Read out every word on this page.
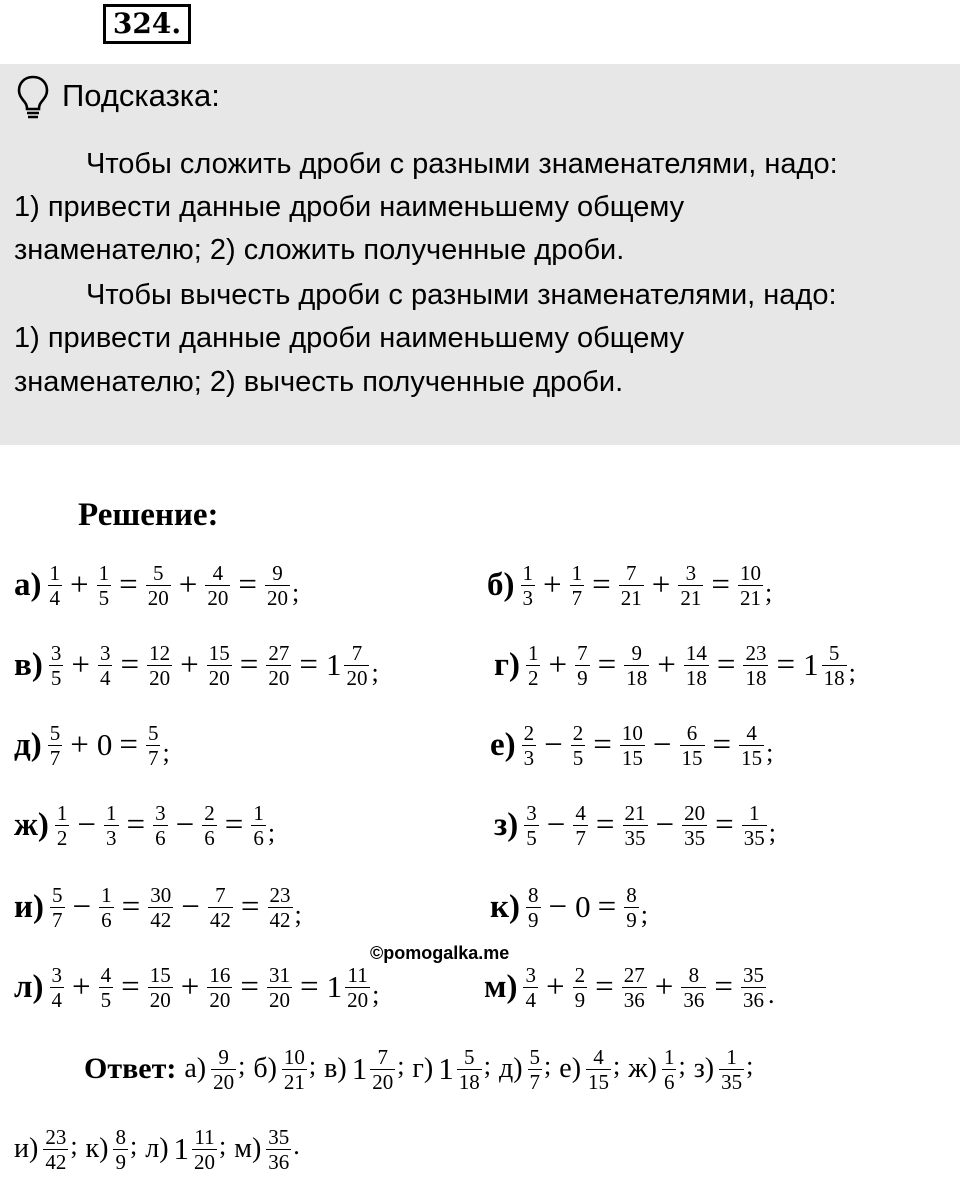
324.
Подсказка:
Чтобы сложить дроби с разными знаменателями, надо:
1) привести данные дроби наименьшему общему
знаменателю; 2) сложить полученные дроби.
Чтобы вычесть дроби с разными знаменателями, надо:
1) привести данные дроби наименьшему общему
знаменателю; 2) вычесть полученные дроби.
Решение:
$а) \frac{1}{4} + \frac{1}{5} = \frac{5}{20} + \frac{4}{20} = \frac{9}{20}$ ;	$б) \frac{1}{3} + \frac{1}{7} = \frac{7}{21} + \frac{3}{21} = \frac{10}{21}$ ;
$в) \frac{3}{5} + \frac{3}{4} = \frac{12}{20} + \frac{15}{20} = \frac{27}{20} = 1 \frac{7}{20}$ ;	$г) \frac{1}{2} + \frac{7}{9} = \frac{9}{18} + \frac{14}{18} = \frac{23}{18} = 1 \frac{5}{18}$ ;
$д) \frac{5}{7} + 0 = \frac{5}{7}$ ;	$е) \frac{2}{3} - \frac{2}{5} = \frac{10}{15} - \frac{6}{15} = \frac{4}{15}$ ;
$ж) \frac{1}{2} - \frac{1}{3} = \frac{3}{6} - \frac{2}{6} = \frac{1}{6}$ ;	$з) \frac{3}{5} - \frac{4}{7} = \frac{21}{35} - \frac{20}{35} = \frac{1}{35}$ ;
$и) \frac{5}{7} - \frac{1}{6} = \frac{30}{42} - \frac{7}{42} = \frac{23}{42}$ ;	$к) \frac{8}{9} - 0 = \frac{8}{9}$ ;
$л) \frac{3}{4} + \frac{4}{5} = \frac{15}{20} + \frac{16}{20} = \frac{31}{20} = 1 \frac{11}{20}$ ;	$м) \frac{3}{4} + \frac{2}{9} = \frac{27}{36} + \frac{8}{36} = \frac{35}{36}$ .
©pomogalka.me
Ответ: $а) \frac{9}{20}$ ; $б) \frac{10}{21}$ ; в) $1 \frac{7}{20}$ ; г) $1 \frac{5}{18}$ ; $д) \frac{5}{7}$ ; $е) \frac{4}{15}$ ; $ж) \frac{1}{6}$ ; $з) \frac{1}{35}$ ;
$и) \frac{23}{42}$ ; $к) \frac{8}{9}$ ; л) $1 \frac{11}{20}$ ; $м) \frac{35}{36}$ .
